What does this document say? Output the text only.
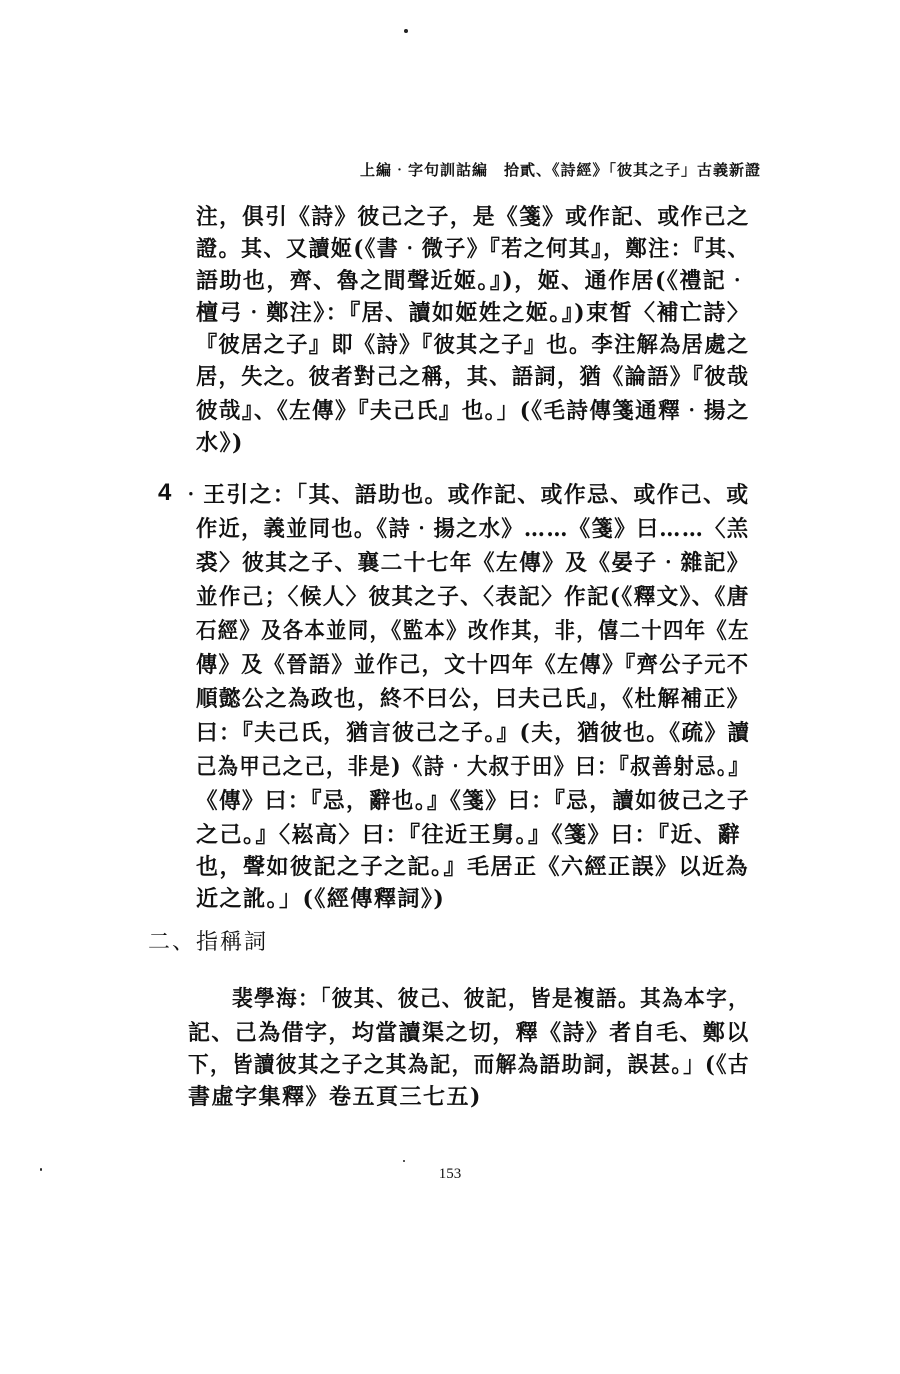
上編‧字句訓詁編　拾貳、《詩經》「彼其之子」古義新證
注，俱引《詩》彼己之子，是《箋》或作記、或作己之
證。其、又讀姬(《書‧微子》『若之何其』，鄭注：『其、
語助也，齊、魯之間聲近姬。』)，姬、通作居(《禮記‧
檀弓‧鄭注》：『居、讀如姬姓之姬。』)束皙〈補亡詩〉
『彼居之子』即《詩》『彼其之子』也。李注解為居處之
居，失之。彼者對己之稱，其、語詞，猶《論語》『彼哉
彼哉』、《左傳》『夫己氏』也。」(《毛詩傳箋通釋‧揚之
水》)
4 ‧王引之：「其、語助也。或作記、或作忌、或作己、或
作近，義並同也。《詩‧揚之水》……《箋》曰……〈羔
裘〉彼其之子、襄二十七年《左傳》及《晏子‧雜記》
並作己；〈候人〉彼其之子、〈表記〉作記(《釋文》、《唐
石經》及各本並同，《監本》改作其，非，僖二十四年《左
傳》及《晉語》並作己，文十四年《左傳》『齊公子元不
順懿公之為政也，終不曰公，曰夫己氏』，《杜解補正》
曰：『夫己氏，猶言彼己之子。』(夫，猶彼也。《疏》讀
己為甲己之己，非是)《詩‧大叔于田》曰：『叔善射忌。』
《傳》曰：『忌，辭也。』《箋》曰：『忌，讀如彼己之子
之己。』〈崧高〉曰：『往近王舅。』《箋》曰：『近、辭
也，聲如彼記之子之記。』毛居正《六經正誤》以近為
近之訛。」(《經傳釋詞》)
二、指稱詞
裴學海：「彼其、彼己、彼記，皆是複語。其為本字，
記、己為借字，均當讀渠之切，釋《詩》者自毛、鄭以
下，皆讀彼其之子之其為記，而解為語助詞，誤甚。」(《古
書虛字集釋》卷五頁三七五)
153
